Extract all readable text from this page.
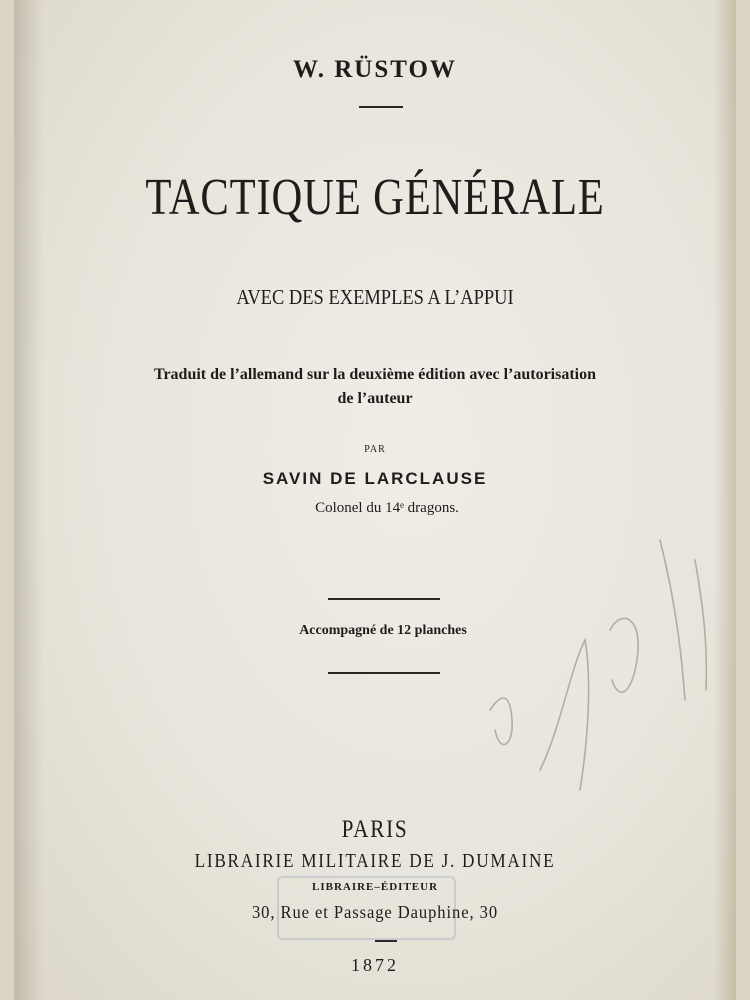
W. RÜSTOW
TACTIQUE GÉNÉRALE
AVEC DES EXEMPLES A L’APPUI
Traduit de l’allemand sur la deuxième édition avec l’autorisation
de l’auteur
PAR
SAVIN DE LARCLAUSE
Colonel du 14ᵉ dragons.
Accompagné de 12 planches
PARIS
LIBRAIRIE MILITAIRE DE J. DUMAINE
LIBRAIRE–ÉDITEUR
30, Rue et Passage Dauphine, 30
1872
